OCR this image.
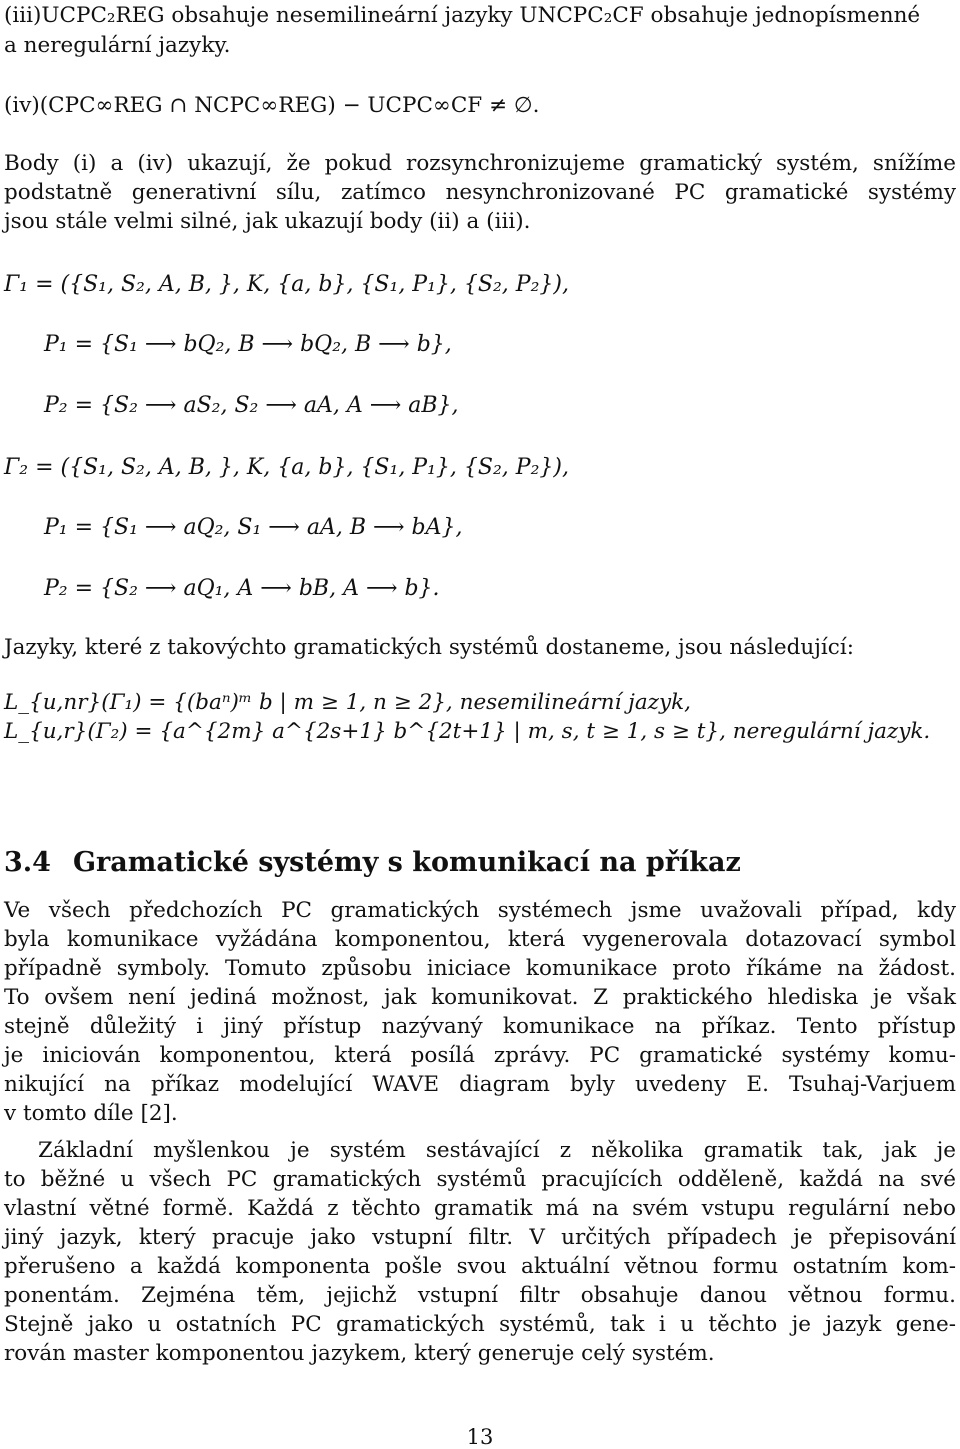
(iii)UCPC₂REG obsahuje nesemilineární jazyky UNCPC₂CF obsahuje jednopísmenné
a neregulární jazyky.
(iv)(CPC∞REG ∩ NCPC∞REG) − UCPC∞CF ≠ ∅.
Body (i) a (iv) ukazují, že pokud rozsynchronizujeme gramatický systém, snížíme
podstatně generativní sílu, zatímco nesynchronizované PC gramatické systémy
jsou stále velmi silné, jak ukazují body (ii) a (iii).
Γ₁ = ({S₁, S₂, A, B, }, K, {a, b}, {S₁, P₁}, {S₂, P₂}),
P₁ = {S₁ ⟶ bQ₂, B ⟶ bQ₂, B ⟶ b},
P₂ = {S₂ ⟶ aS₂, S₂ ⟶ aA, A ⟶ aB},
Γ₂ = ({S₁, S₂, A, B, }, K, {a, b}, {S₁, P₁}, {S₂, P₂}),
P₁ = {S₁ ⟶ aQ₂, S₁ ⟶ aA, B ⟶ bA},
P₂ = {S₂ ⟶ aQ₁, A ⟶ bB, A ⟶ b}.
Jazyky, které z takovýchto gramatických systémů dostaneme, jsou následující:
L_{u,nr}(Γ₁) = {(baⁿ)ᵐ b | m ≥ 1, n ≥ 2}, nesemilineární jazyk,
L_{u,r}(Γ₂) = {a^{2m} a^{2s+1} b^{2t+1} | m, s, t ≥ 1, s ≥ t}, neregulární jazyk.
3.4 Gramatické systémy s komunikací na příkaz
Ve všech předchozích PC gramatických systémech jsme uvažovali případ, kdy
byla komunikace vyžádána komponentou, která vygenerovala dotazovací symbol
případně symboly. Tomuto způsobu iniciace komunikace proto říkáme na žádost.
To ovšem není jediná možnost, jak komunikovat. Z praktického hlediska je však
stejně důležitý i jiný přístup nazývaný komunikace na příkaz. Tento přístup
je iniciován komponentou, která posílá zprávy. PC gramatické systémy komu-
nikující na příkaz modelující WAVE diagram byly uvedeny E. Tsuhaj-Varjuem
v tomto díle [2].
Základní myšlenkou je systém sestávající z několika gramatik tak, jak je
to běžné u všech PC gramatických systémů pracujících odděleně, každá na své
vlastní větné formě. Každá z těchto gramatik má na svém vstupu regulární nebo
jiný jazyk, který pracuje jako vstupní filtr. V určitých případech je přepisování
přerušeno a každá komponenta pošle svou aktuální větnou formu ostatním kom-
ponentám. Zejména těm, jejichž vstupní filtr obsahuje danou větnou formu.
Stejně jako u ostatních PC gramatických systémů, tak i u těchto je jazyk gene-
rován master komponentou jazykem, který generuje celý systém.
13
